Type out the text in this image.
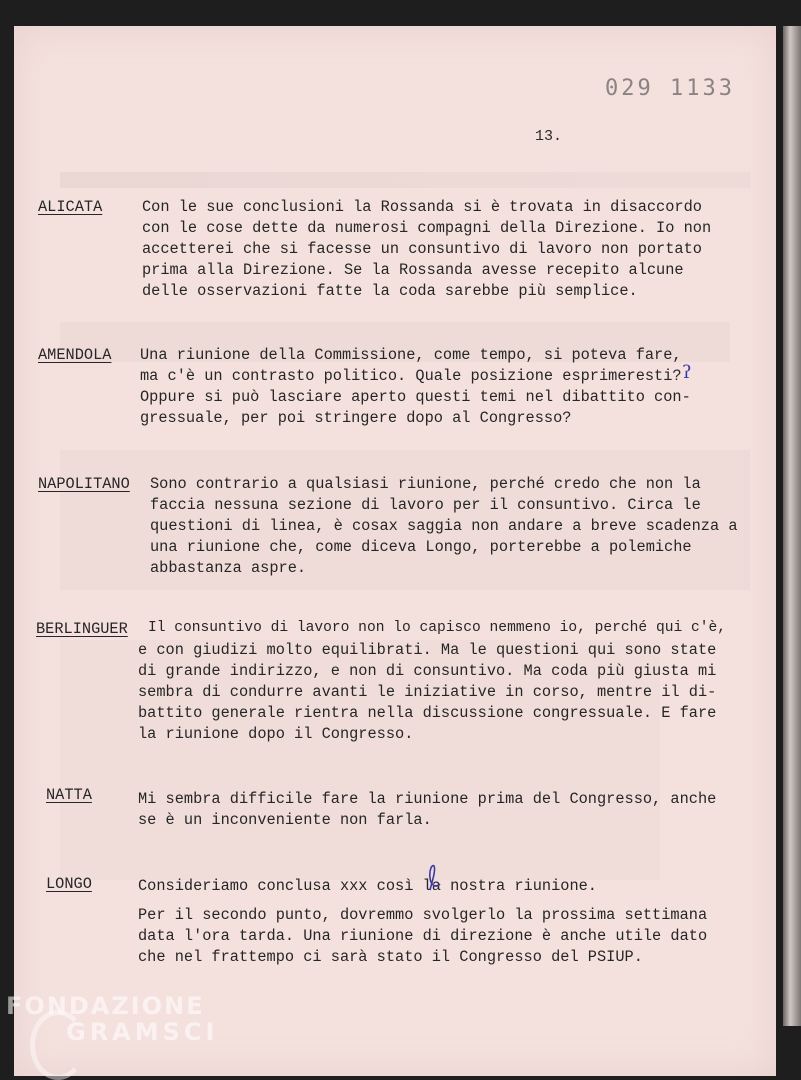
029 1133
13.
ALICATA	Con le sue conclusioni la Rossanda si è trovata in disaccordo
con le cose dette da numerosi compagni della Direzione. Io non
accetterei che si facesse un consuntivo di lavoro non portato
prima alla Direzione. Se la Rossanda avesse recepito alcune
delle osservazioni fatte la coda sarebbe più semplice.
AMENDOLA Una riunione della Commissione, come tempo, si poteva fare,
ma c'è un contrasto politico. Quale posizione esprimeresti?
Oppure si può lasciare aperto questi temi nel dibattito con-
gressuale, per poi stringere dopo al Congresso?
NAPOLITANO Sono contrario a qualsiasi riunione, perché credo che non la
faccia nessuna sezione di lavoro per il consuntivo. Circa le
questioni di linea, è cosax saggia non andare a breve scadenza a
una riunione che, come diceva Longo, porterebbe a polemiche
abbastanza aspre.
BERLINGUER Il consuntivo di lavoro non lo capisco nemmeno io, perché qui c'è,
e con giudizi molto equilibrati. Ma le questioni qui sono state
di grande indirizzo, e non di consuntivo. Ma coda più giusta mi
sembra di condurre avanti le iniziative in corso, mentre il di-
battito generale rientra nella discussione congressuale. E fare
la riunione dopo il Congresso.
NATTA	Mi sembra difficile fare la riunione prima del Congresso, anche
se è un inconveniente non farla.
LONGO	Consideriamo conclusa xxx così la nostra riunione.
Per il secondo punto, dovremmo svolgerlo la prossima settimana
data l'ora tarda. Una riunione di direzione è anche utile dato
che nel frattempo ci sarà stato il Congresso del PSIUP.
ʔ
FONDAZIONE
GRAMSCI
